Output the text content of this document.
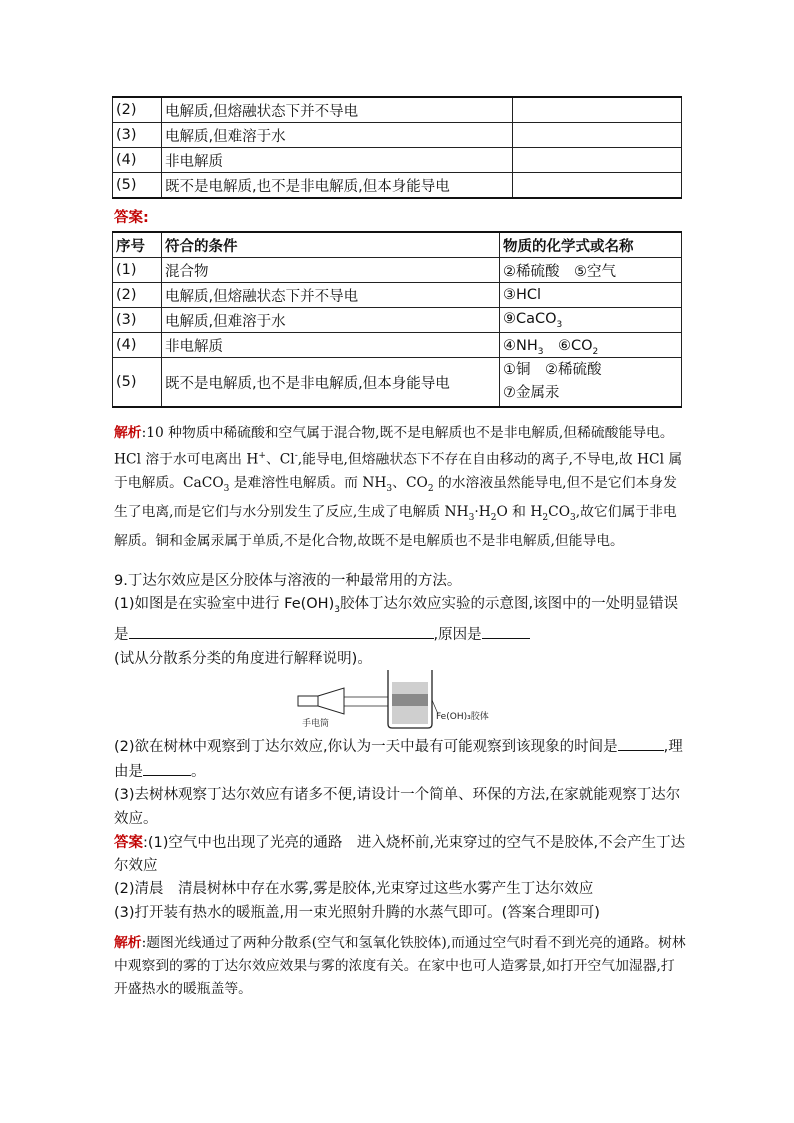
(2)	电解质,但熔融状态下并不导电	
(3)	电解质,但难溶于水	
(4)	非电解质	
(5)	既不是电解质,也不是非电解质,但本身能导电	
答案:
序号	符合的条件	物质的化学式或名称
(1)	混合物	②稀硫酸　⑤空气
(2)	电解质,但熔融状态下并不导电	③HCl
(3)	电解质,但难溶于水	⑨CaCO$_3$
(4)	非电解质	$④NH_3$　$⑥CO_2$
(5)	既不是电解质,也不是非电解质,但本身能导电	①铜　②稀硫酸
⑦金属汞
解析:10 种物质中稀硫酸和空气属于混合物,既不是电解质也不是非电解质,但稀硫酸能导电。HCl 溶于水可电离出 H+、Cl-,能导电,但熔融状态下不存在自由移动的离子,不导电,故 HCl 属于电解质。CaCO$_3$ 是难溶性电解质。而 $NH_3$、$CO_2$ 的水溶液虽然能导电,但不是它们本身发生了电离,而是它们与水分别发生了反应,生成了电解质 $NH_3\cdot H_2O$ 和 $H_2CO_3$,故它们属于非电解质。铜和金属汞属于单质,不是化合物,故既不是电解质也不是非电解质,但能导电。
9.丁达尔效应是区分胶体与溶液的一种最常用的方法。
(1)如图是在实验室中进行 $Fe(OH)_3$胶体丁达尔效应实验的示意图,该图中的一处明显错误是	,原因是
(试从分散系分类的角度进行解释说明)。
手电筒
Fe(OH)₃胶体
(2)欲在树林中观察到丁达尔效应,你认为一天中最有可能观察到该现象的时间是	,理由是	。
(3)去树林观察丁达尔效应有诸多不便,请设计一个简单、环保的方法,在家就能观察丁达尔效应。
答案:(1)空气中也出现了光亮的通路　进入烧杯前,光束穿过的空气不是胶体,不会产生丁达尔效应
(2)清晨　清晨树林中存在水雾,雾是胶体,光束穿过这些水雾产生丁达尔效应
(3)打开装有热水的暖瓶盖,用一束光照射升腾的水蒸气即可。(答案合理即可)
解析:题图光线通过了两种分散系(空气和氢氧化铁胶体),而通过空气时看不到光亮的通路。树林中观察到的雾的丁达尔效应效果与雾的浓度有关。在家中也可人造雾景,如打开空气加湿器,打开盛热水的暖瓶盖等。
